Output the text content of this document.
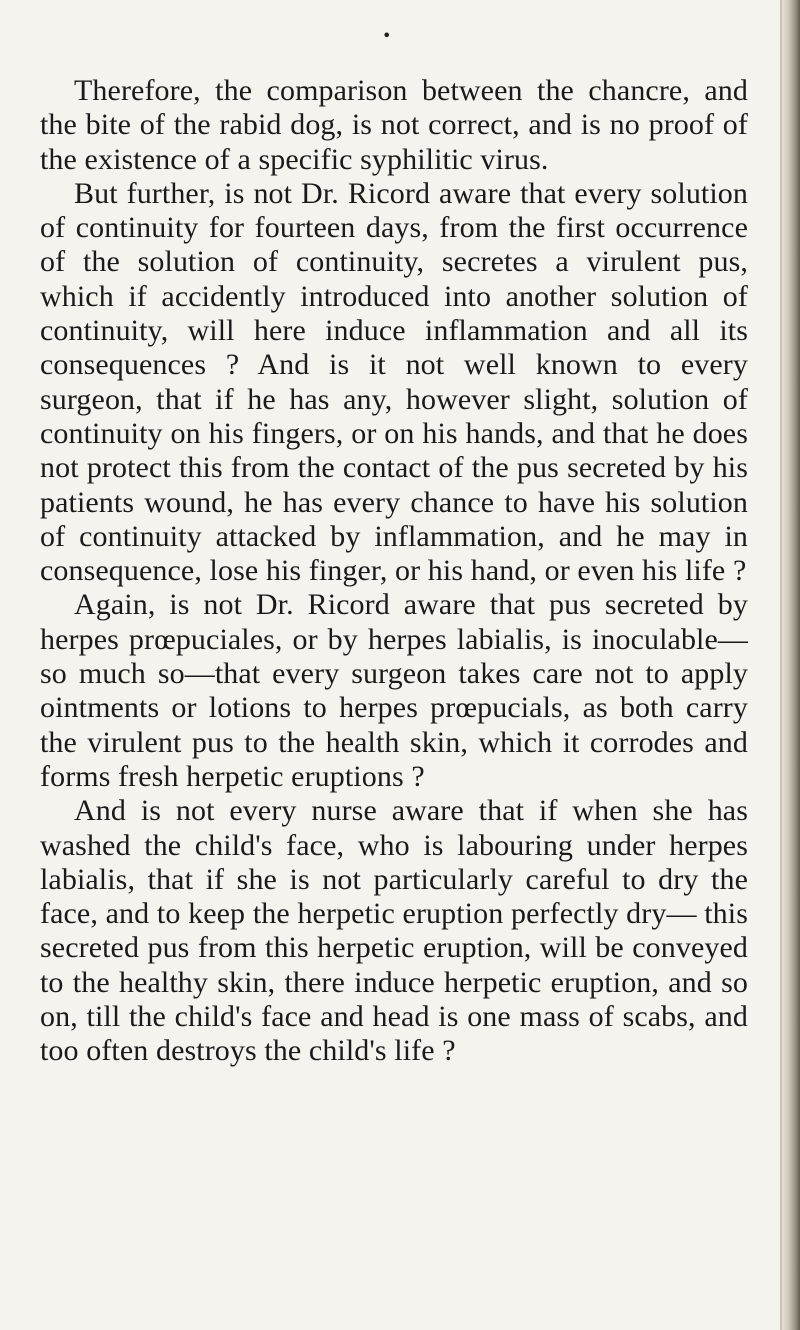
•

Therefore, the comparison between the chancre, and the bite of the rabid dog, is not correct, and is no proof of the existence of a specific syphilitic virus.

But further, is not Dr. Ricord aware that every solution of continuity for fourteen days, from the first occurrence of the solution of continuity, secretes a virulent pus, which if accidently introduced into another solution of continuity, will here induce inflammation and all its consequences ? And is it not well known to every surgeon, that if he has any, however slight, solution of continuity on his fingers, or on his hands, and that he does not protect this from the contact of the pus secreted by his patients wound, he has every chance to have his solution of continuity attacked by inflammation, and he may in consequence, lose his finger, or his hand, or even his life ?

Again, is not Dr. Ricord aware that pus secreted by herpes prœpuciales, or by herpes labialis, is inoculable— so much so—that every surgeon takes care not to apply ointments or lotions to herpes prœpucials, as both carry the virulent pus to the health skin, which it corrodes and forms fresh herpetic eruptions ?

And is not every nurse aware that if when she has washed the child's face, who is labouring under herpes labialis, that if she is not particularly careful to dry the face, and to keep the herpetic eruption perfectly dry— this secreted pus from this herpetic eruption, will be conveyed to the healthy skin, there induce herpetic eruption, and so on, till the child's face and head is one mass of scabs, and too often destroys the child's life ?
